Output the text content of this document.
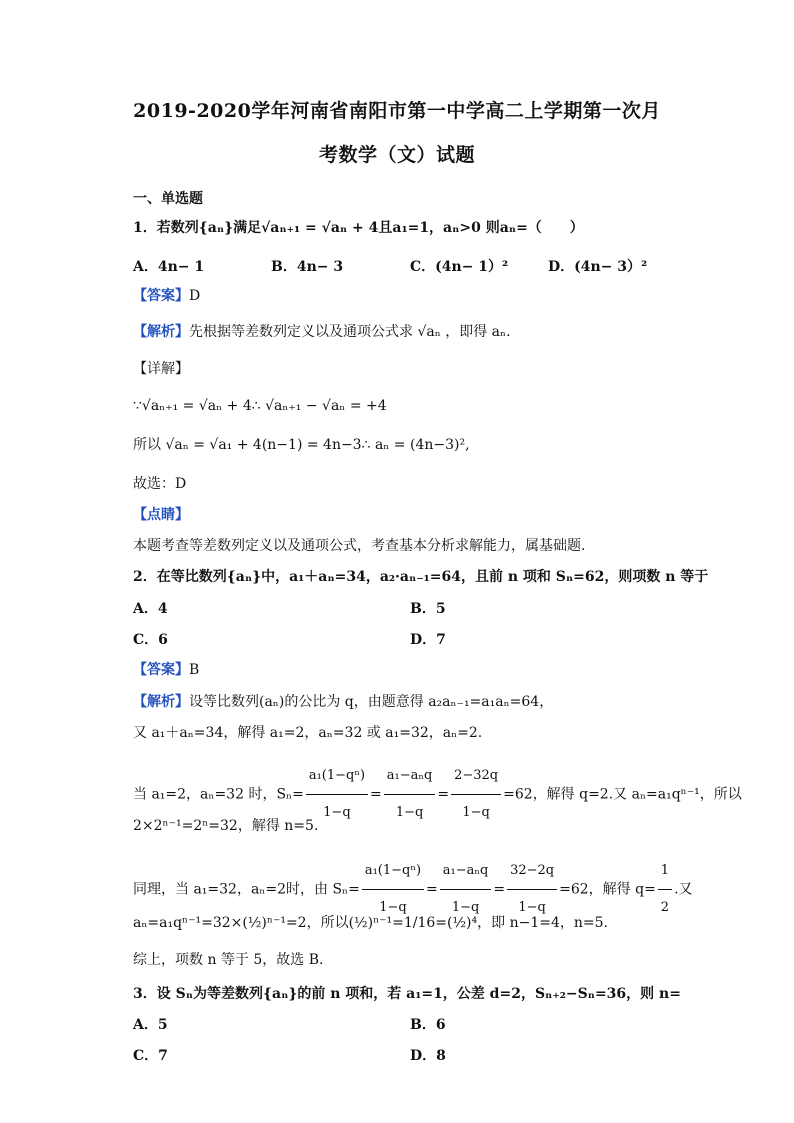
2019-2020学年河南省南阳市第一中学高二上学期第一次月
考数学（文）试题
一、单选题
1．若数列{aₙ}满足√aₙ₊₁ = √aₙ + 4且a₁=1，aₙ>0 则aₙ=（　　）
A．4n− 1	B．4n− 3	C．(4n− 1）²	D．(4n− 3）²
【答案】D
【解析】先根据等差数列定义以及通项公式求 √aₙ ，即得 aₙ.
【详解】
∵√aₙ₊₁ = √aₙ + 4∴ √aₙ₊₁ − √aₙ = +4
所以 √aₙ = √a₁ + 4(n−1) = 4n−3∴ aₙ = (4n−3)²,
故选：D
【点睛】
本题考查等差数列定义以及通项公式，考查基本分析求解能力，属基础题.
2．在等比数列{aₙ}中，a₁＋aₙ=34，a₂·aₙ₋₁=64，且前 n 项和 Sₙ=62，则项数 n 等于
A．4	B．5
C．6	D．7
【答案】B
【解析】设等比数列(aₙ)的公比为 q，由题意得 a₂aₙ₋₁=a₁aₙ=64，
又 a₁＋aₙ=34，解得 a₁=2，aₙ=32 或 a₁=32，aₙ=2.
当 a₁=2，aₙ=32 时，$S_n= \frac{\text{a₁(1−qⁿ)}}{1-q} = \frac{\text{a₁−aₙq}}{1-q} = \frac{2-32q}{1-q} =62$，解得 q=2.又 aₙ=a₁qⁿ⁻¹，所以
2×2ⁿ⁻¹=2ⁿ=32，解得 n=5.
同理，当 a₁=32，aₙ=2时，由 $S_n= \frac{\text{a₁(1−qⁿ)}}{1-q} = \frac{\text{a₁−aₙq}}{1-q} = \frac{32-2q}{1-q} =62$，解得 $q= \frac{1}{2}$ .又
aₙ=a₁qⁿ⁻¹=32×(½)ⁿ⁻¹=2，所以(½)ⁿ⁻¹=1/16=(½)⁴，即 n−1=4，n=5.
综上，项数 n 等于 5，故选 B.
3．设 Sₙ为等差数列{aₙ}的前 n 项和，若 a₁=1，公差 d=2，Sₙ₊₂−Sₙ=36，则 n=
A．5	B．6
C．7	D．8
